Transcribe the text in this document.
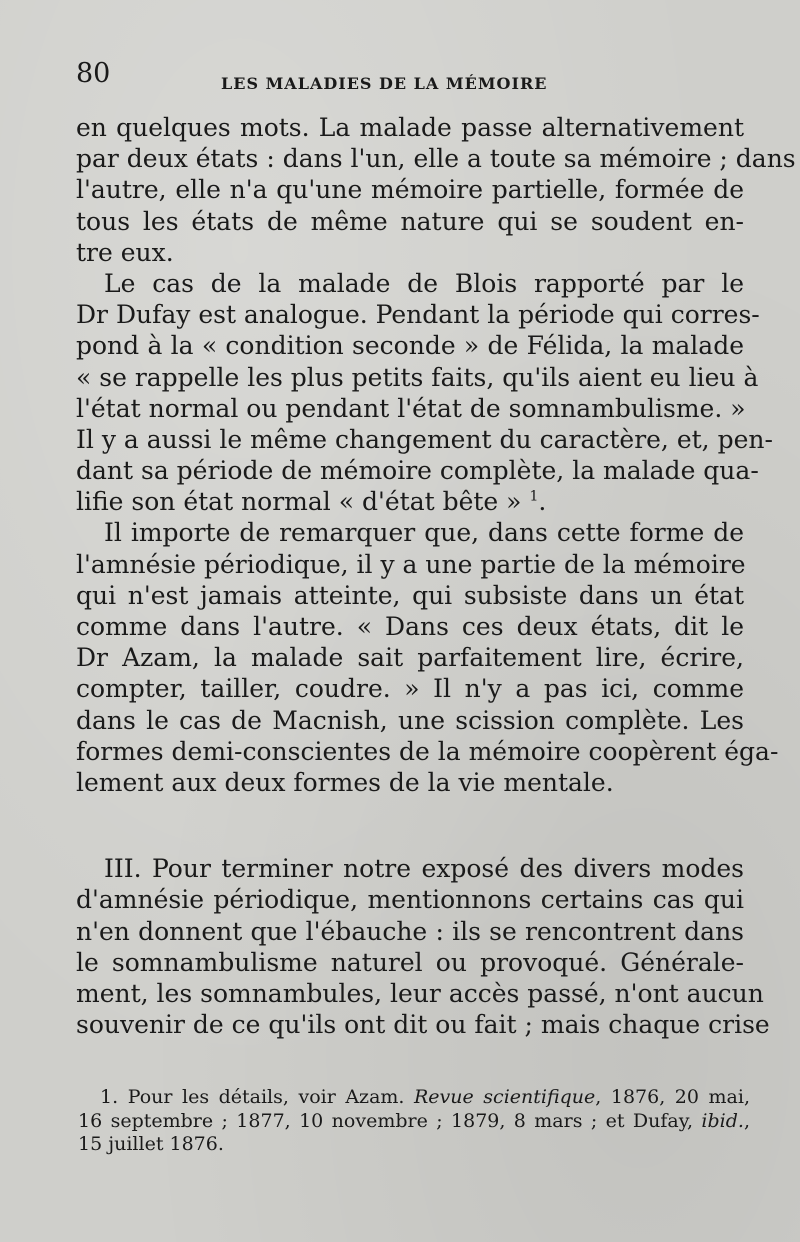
80	LES MALADIES DE LA MÉMOIRE
en quelques mots. La malade passe alternativement
par deux états : dans l'un, elle a toute sa mémoire ; dans
l'autre, elle n'a qu'une mémoire partielle, formée de
tous les états de même nature qui se soudent en-
tre eux.
Le cas de la malade de Blois rapporté par le
Dr Dufay est analogue. Pendant la période qui corres-
pond à la « condition seconde » de Félida, la malade
« se rappelle les plus petits faits, qu'ils aient eu lieu à
l'état normal ou pendant l'état de somnambulisme. »
Il y a aussi le même changement du caractère, et, pen-
dant sa période de mémoire complète, la malade qua-
lifie son état normal « d'état bête » $^1$.
Il importe de remarquer que, dans cette forme de
l'amnésie périodique, il y a une partie de la mémoire
qui n'est jamais atteinte, qui subsiste dans un état
comme dans l'autre. « Dans ces deux états, dit le
Dr Azam, la malade sait parfaitement lire, écrire,
compter, tailler, coudre. » Il n'y a pas ici, comme
dans le cas de Macnish, une scission complète. Les
formes demi-conscientes de la mémoire coopèrent éga-
lement aux deux formes de la vie mentale.
III. Pour terminer notre exposé des divers modes
d'amnésie périodique, mentionnons certains cas qui
n'en donnent que l'ébauche : ils se rencontrent dans
le somnambulisme naturel ou provoqué. Générale-
ment, les somnambules, leur accès passé, n'ont aucun
souvenir de ce qu'ils ont dit ou fait ; mais chaque crise
1. Pour les détails, voir Azam. Revue scientifique, 1876, 20 mai,
16 septembre ; 1877, 10 novembre ; 1879, 8 mars ; et Dufay, ibid.,
15 juillet 1876.
